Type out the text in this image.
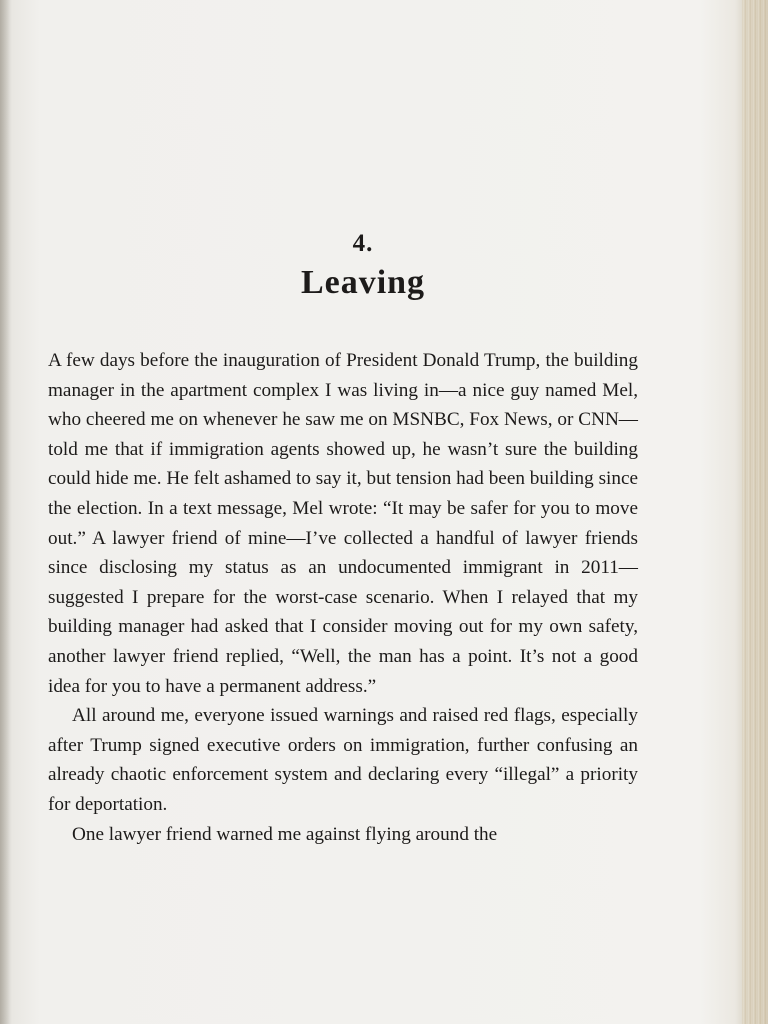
4.
Leaving

A few days before the inauguration of President Donald Trump, the building manager in the apartment complex I was living in—a nice guy named Mel, who cheered me on whenever he saw me on MSNBC, Fox News, or CNN—told me that if immigration agents showed up, he wasn’t sure the building could hide me. He felt ashamed to say it, but tension had been building since the election. In a text message, Mel wrote: “It may be safer for you to move out.” A lawyer friend of mine—I’ve collected a handful of lawyer friends since disclosing my status as an undocumented immigrant in 2011—suggested I prepare for the worst-case scenario. When I relayed that my building manager had asked that I consider moving out for my own safety, another lawyer friend replied, “Well, the man has a point. It’s not a good idea for you to have a permanent address.”

All around me, everyone issued warnings and raised red flags, especially after Trump signed executive orders on immigration, further confusing an already chaotic enforcement system and declaring every “illegal” a priority for deportation.

One lawyer friend warned me against flying around the
